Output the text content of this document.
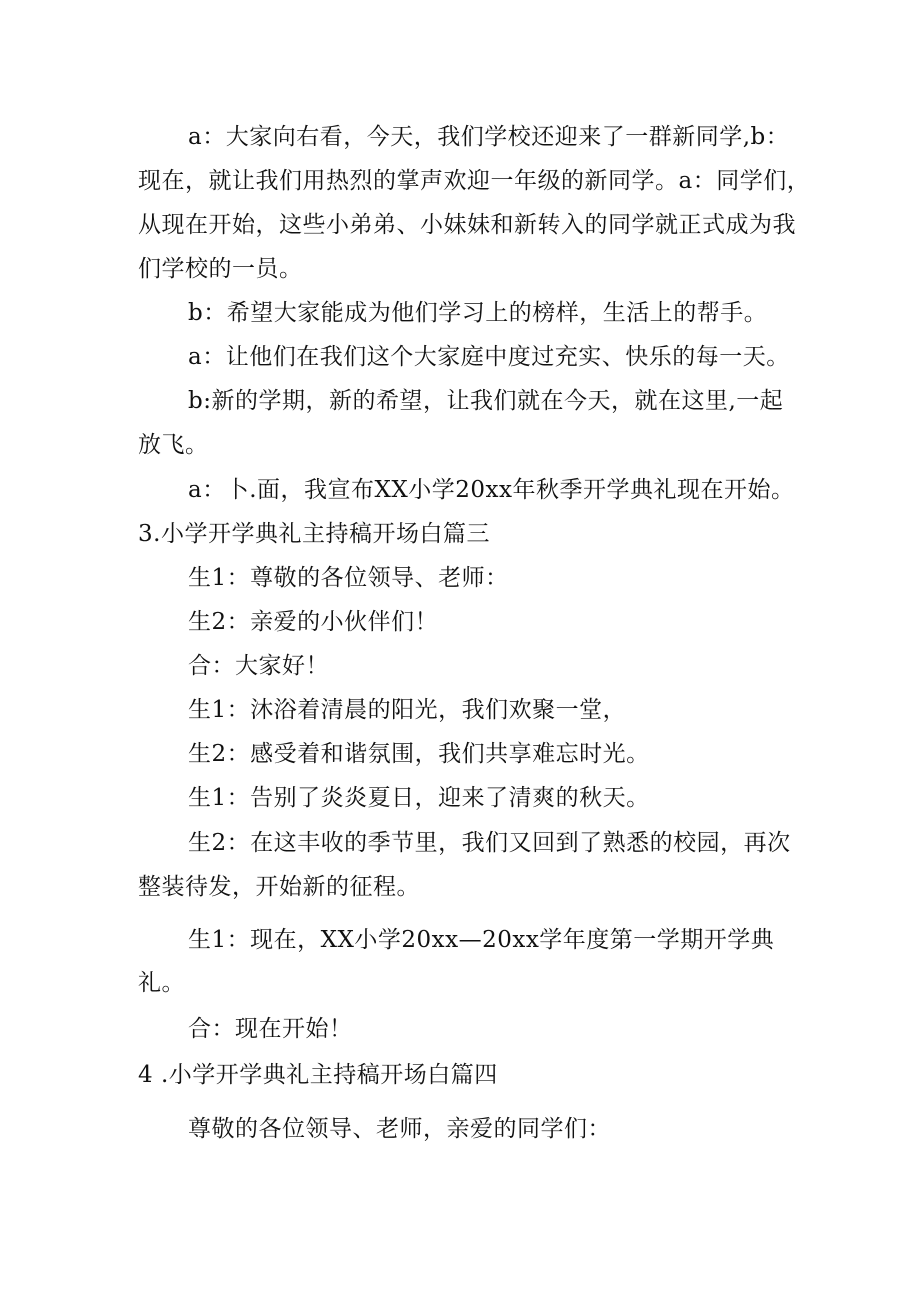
a：大家向右看，今天，我们学校还迎来了一群新同学,b：
现在，就让我们用热烈的掌声欢迎一年级的新同学。a：同学们，
从现在开始，这些小弟弟、小妹妹和新转入的同学就正式成为我
们学校的一员。
b：希望大家能成为他们学习上的榜样，生活上的帮手。
a：让他们在我们这个大家庭中度过充实、快乐的每一天。
b:新的学期，新的希望，让我们就在今天，就在这里,一起
放飞。
a：卜.面，我宣布XX小学20xx年秋季开学典礼现在开始。
3.小学开学典礼主持稿开场白篇三
生1：尊敬的各位领导、老师：
生2：亲爱的小伙伴们！
合：大家好！
生1：沐浴着清晨的阳光，我们欢聚一堂，
生2：感受着和谐氛围，我们共享难忘时光。
生1：告别了炎炎夏日，迎来了清爽的秋天。
生2：在这丰收的季节里，我们又回到了熟悉的校园，再次
整装待发，开始新的征程。
生1：现在，XX小学20xx—20xx学年度第一学期开学典
礼。
合：现在开始！
4 .小学开学典礼主持稿开场白篇四
尊敬的各位领导、老师，亲爱的同学们：
